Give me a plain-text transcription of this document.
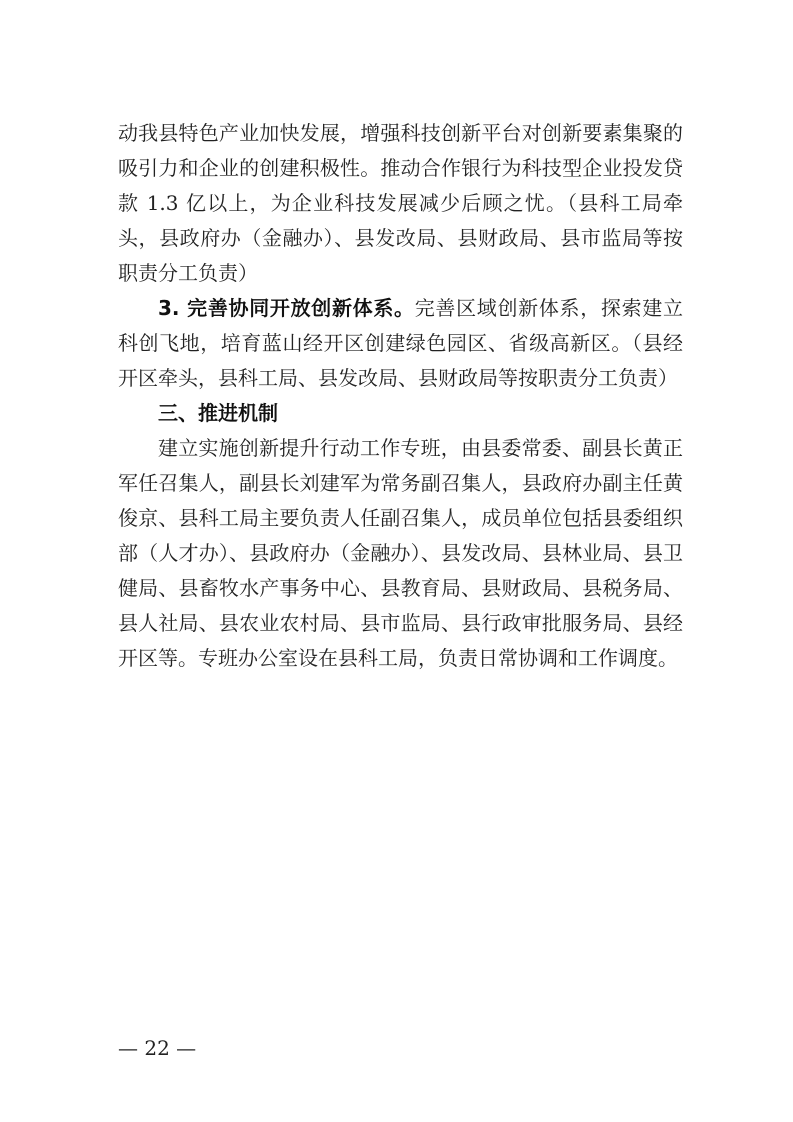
动我县特色产业加快发展，增强科技创新平台对创新要素集聚的吸引力和企业的创建积极性。推动合作银行为科技型企业投发贷款 1.3 亿以上，为企业科技发展减少后顾之忧。（县科工局牵头，县政府办（金融办）、县发改局、县财政局、县市监局等按职责分工负责）

3. 完善协同开放创新体系。完善区域创新体系，探索建立科创飞地，培育蓝山经开区创建绿色园区、省级高新区。（县经开区牵头，县科工局、县发改局、县财政局等按职责分工负责）

三、推进机制

建立实施创新提升行动工作专班，由县委常委、副县长黄正军任召集人，副县长刘建军为常务副召集人，县政府办副主任黄俊京、县科工局主要负责人任副召集人，成员单位包括县委组织部（人才办）、县政府办（金融办）、县发改局、县林业局、县卫健局、县畜牧水产事务中心、县教育局、县财政局、县税务局、县人社局、县农业农村局、县市监局、县行政审批服务局、县经开区等。专班办公室设在县科工局，负责日常协调和工作调度。

— 22 —
